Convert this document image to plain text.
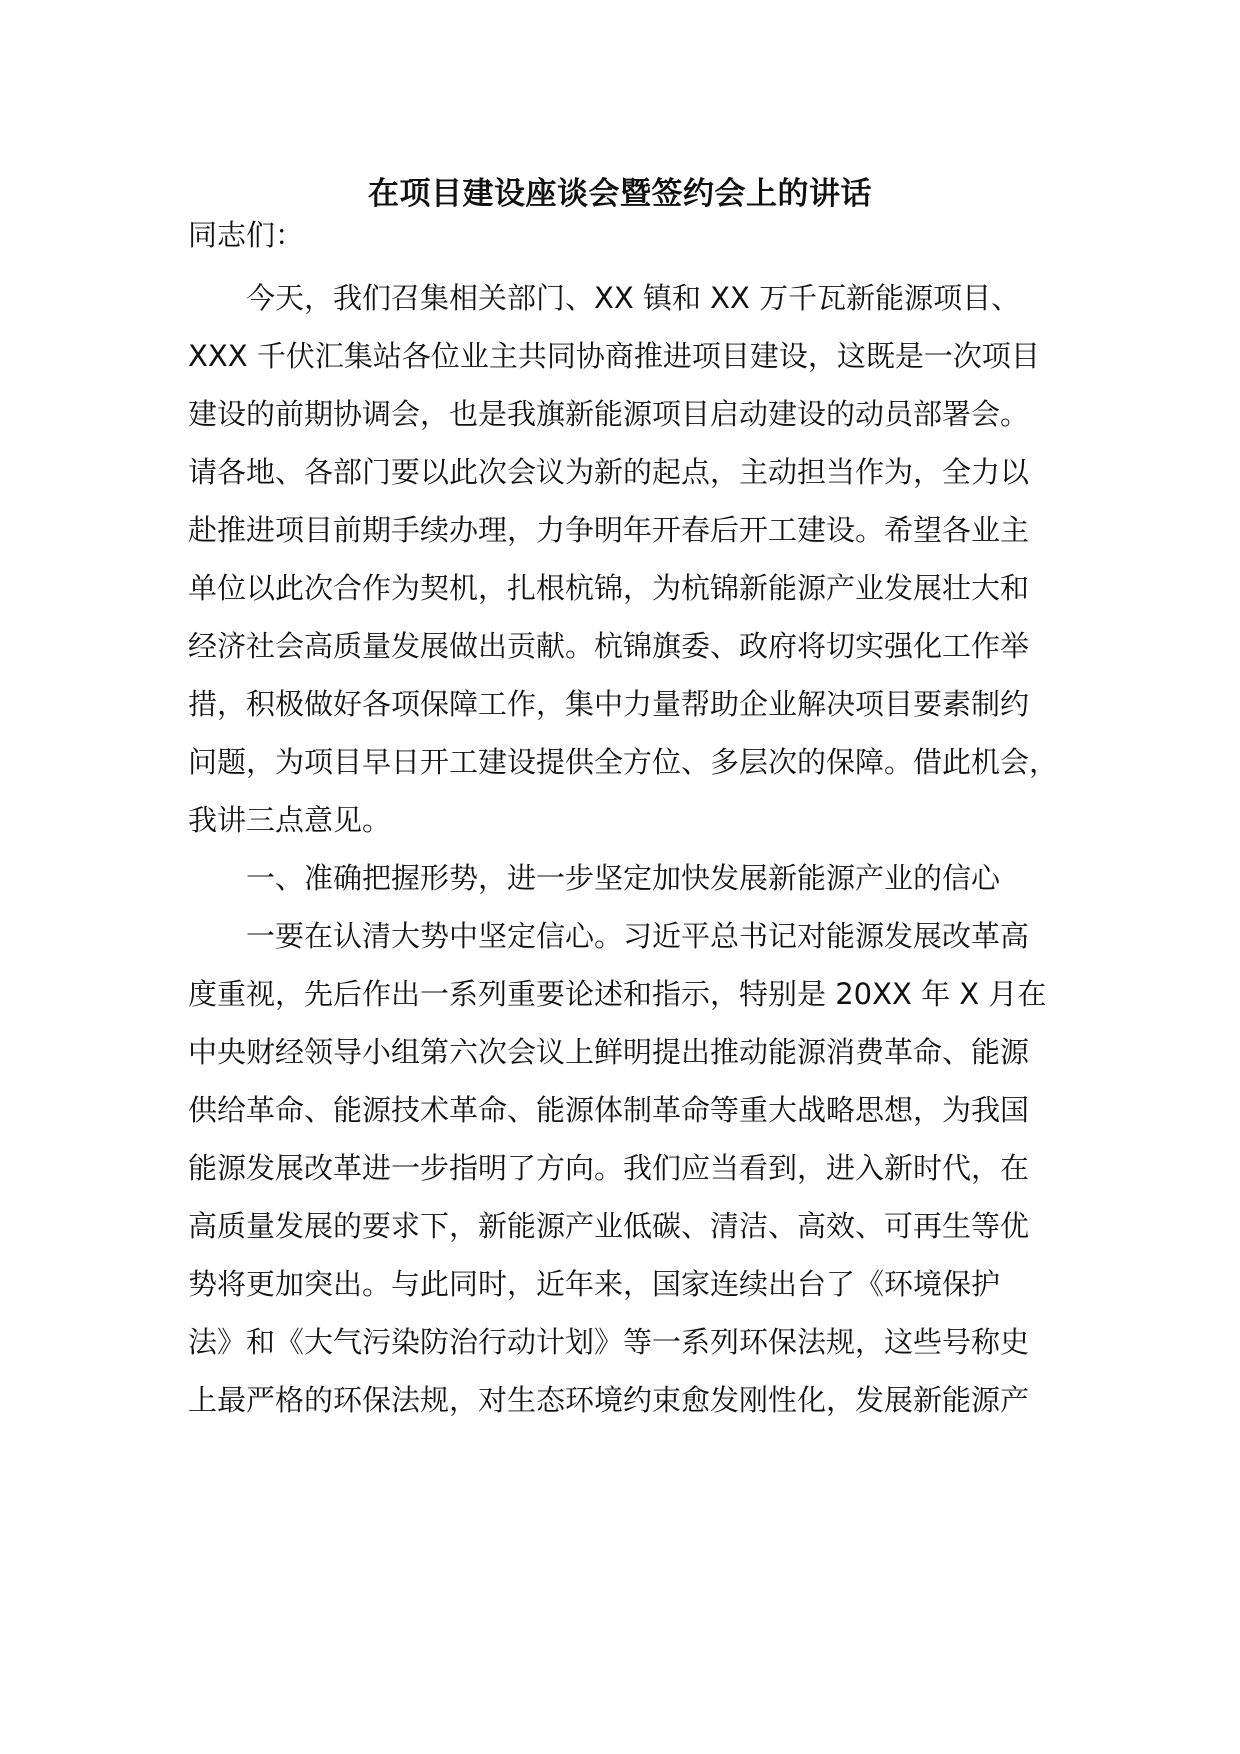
在项目建设座谈会暨签约会上的讲话
同志们：
今天，我们召集相关部门、XX 镇和 XX 万千瓦新能源项目、
XXX 千伏汇集站各位业主共同协商推进项目建设，这既是一次项目
建设的前期协调会，也是我旗新能源项目启动建设的动员部署会。
请各地、各部门要以此次会议为新的起点，主动担当作为，全力以
赴推进项目前期手续办理，力争明年开春后开工建设。希望各业主
单位以此次合作为契机，扎根杭锦，为杭锦新能源产业发展壮大和
经济社会高质量发展做出贡献。杭锦旗委、政府将切实强化工作举
措，积极做好各项保障工作，集中力量帮助企业解决项目要素制约
问题，为项目早日开工建设提供全方位、多层次的保障。借此机会，
我讲三点意见。
一、准确把握形势，进一步坚定加快发展新能源产业的信心
一要在认清大势中坚定信心。习近平总书记对能源发展改革高
度重视，先后作出一系列重要论述和指示，特别是 20XX 年 X 月在
中央财经领导小组第六次会议上鲜明提出推动能源消费革命、能源
供给革命、能源技术革命、能源体制革命等重大战略思想，为我国
能源发展改革进一步指明了方向。我们应当看到，进入新时代，在
高质量发展的要求下，新能源产业低碳、清洁、高效、可再生等优
势将更加突出。与此同时，近年来，国家连续出台了《环境保护
法》和《大气污染防治行动计划》等一系列环保法规，这些号称史
上最严格的环保法规，对生态环境约束愈发刚性化，发展新能源产
